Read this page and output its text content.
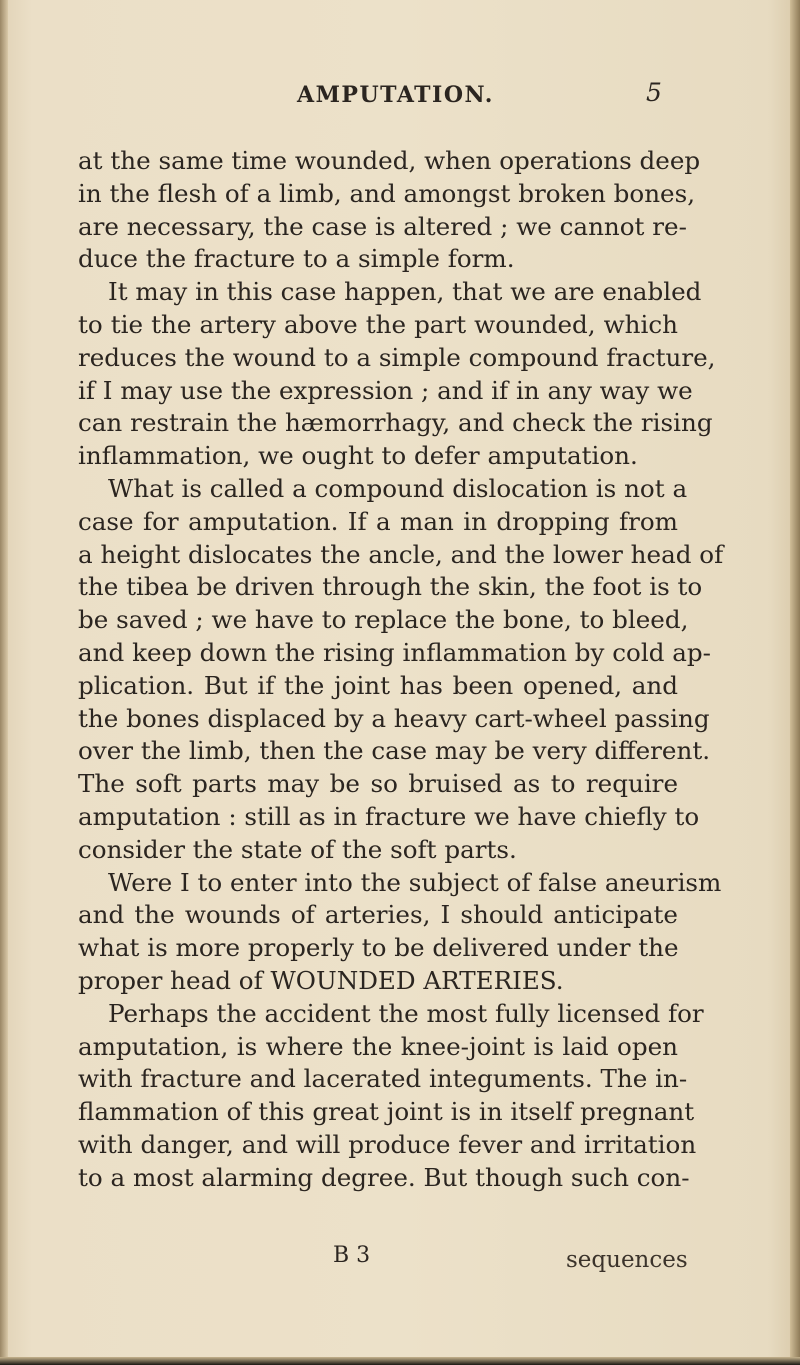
AMPUTATION.	5
at the same time wounded, when operations deep
in the flesh of a limb, and amongst broken bones,
are necessary, the case is altered ; we cannot re-
duce the fracture to a simple form.
It may in this case happen, that we are enabled
to tie the artery above the part wounded, which
reduces the wound to a simple compound fracture,
if I may use the expression ; and if in any way we
can restrain the hæmorrhagy, and check the rising
inflammation, we ought to defer amputation.
What is called a compound dislocation is not a
case for amputation. If a man in dropping from
a height dislocates the ancle, and the lower head of
the tibea be driven through the skin, the foot is to
be saved ; we have to replace the bone, to bleed,
and keep down the rising inflammation by cold ap-
plication. But if the joint has been opened, and
the bones displaced by a heavy cart-wheel passing
over the limb, then the case may be very different.
The soft parts may be so bruised as to require
amputation : still as in fracture we have chiefly to
consider the state of the soft parts.
Were I to enter into the subject of false aneurism
and the wounds of arteries, I should anticipate
what is more properly to be delivered under the
proper head of WOUNDED ARTERIES.
Perhaps the accident the most fully licensed for
amputation, is where the knee-joint is laid open
with fracture and lacerated integuments. The in-
flammation of this great joint is in itself pregnant
with danger, and will produce fever and irritation
to a most alarming degree. But though such con-
B 3	sequences
